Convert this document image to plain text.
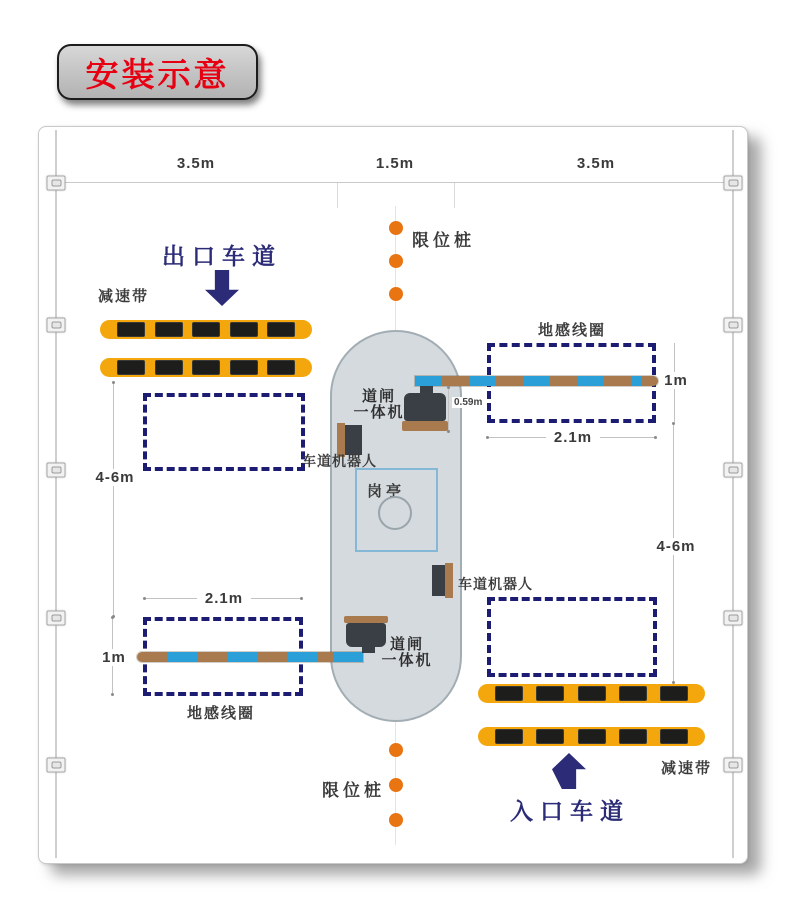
安装示意
3.5m	1.5m	3.5m
出口车道
减速带
限位桩
地感线圈
地感线圈
4-6m
4-6m
岗亭
道闸
一体机
0.59m
车道机器人
1m
2.1m
2.1m
1m
道闸
一体机
车道机器人
减速带
入口车道
限位桩
